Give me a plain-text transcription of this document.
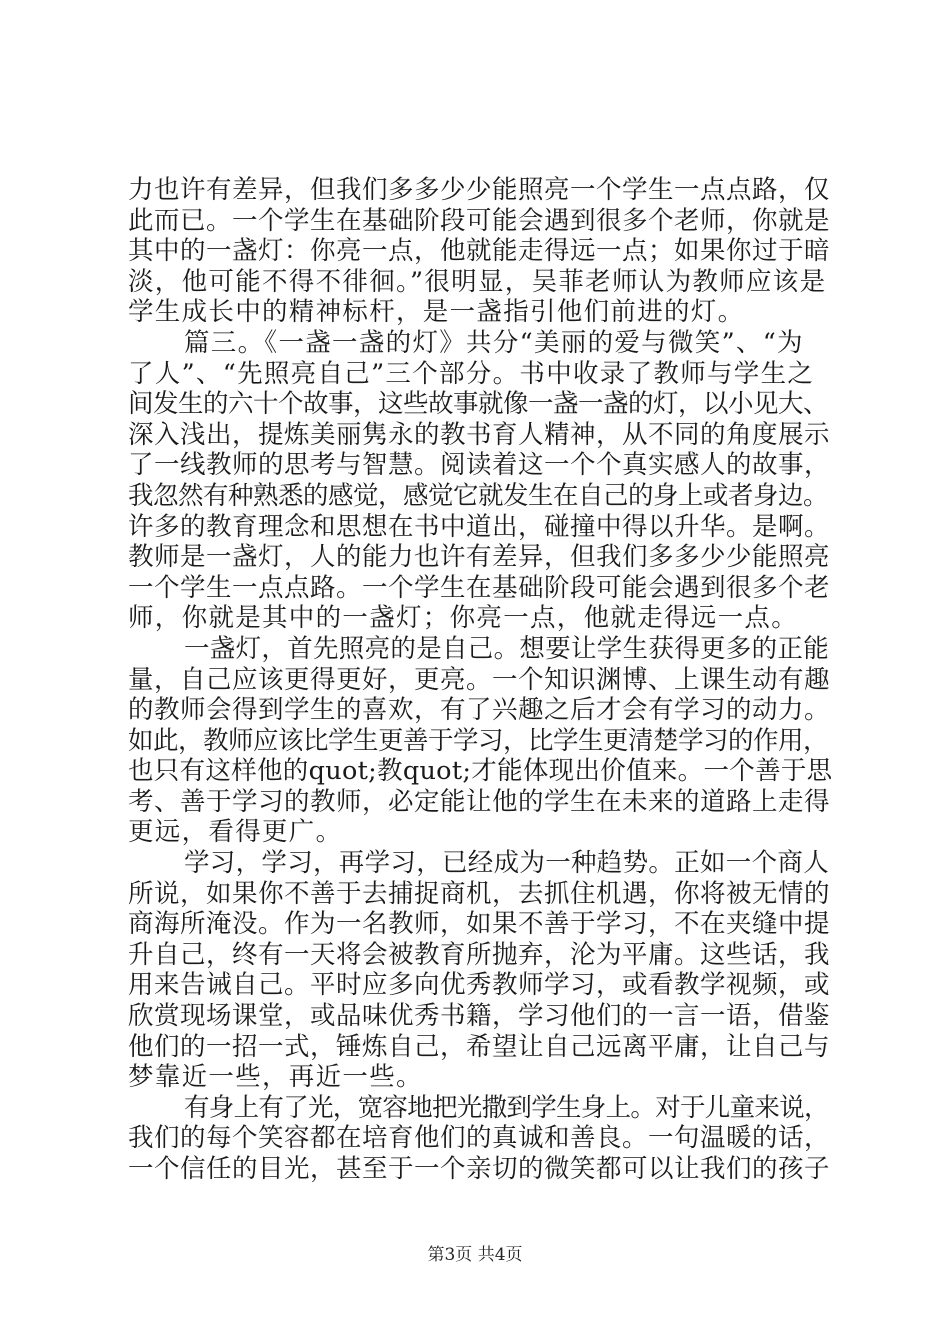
力也许有差异，但我们多多少少能照亮一个学生一点点路，仅
此而已。一个学生在基础阶段可能会遇到很多个老师，你就是
其中的一盏灯：你亮一点，他就能走得远一点；如果你过于暗
淡，他可能不得不徘徊。”很明显，吴菲老师认为教师应该是
学生成长中的精神标杆，是一盏指引他们前进的灯。
篇三。《一盏一盏的灯》共分“美丽的爱与微笑”、“为
了人”、“先照亮自己”三个部分。书中收录了教师与学生之
间发生的六十个故事，这些故事就像一盏一盏的灯，以小见大、
深入浅出，提炼美丽隽永的教书育人精神，从不同的角度展示
了一线教师的思考与智慧。阅读着这一个个真实感人的故事，
我忽然有种熟悉的感觉，感觉它就发生在自己的身上或者身边。
许多的教育理念和思想在书中道出，碰撞中得以升华。是啊。
教师是一盏灯，人的能力也许有差异，但我们多多少少能照亮
一个学生一点点路。一个学生在基础阶段可能会遇到很多个老
师，你就是其中的一盏灯；你亮一点，他就走得远一点。
一盏灯，首先照亮的是自己。想要让学生获得更多的正能
量，自己应该更得更好，更亮。一个知识渊博、上课生动有趣
的教师会得到学生的喜欢，有了兴趣之后才会有学习的动力。
如此，教师应该比学生更善于学习，比学生更清楚学习的作用，
也只有这样他的quot;教quot;才能体现出价值来。一个善于思
考、善于学习的教师，必定能让他的学生在未来的道路上走得
更远，看得更广。
学习，学习，再学习，已经成为一种趋势。正如一个商人
所说，如果你不善于去捕捉商机，去抓住机遇，你将被无情的
商海所淹没。作为一名教师，如果不善于学习，不在夹缝中提
升自己，终有一天将会被教育所抛弃，沦为平庸。这些话，我
用来告诫自己。平时应多向优秀教师学习，或看教学视频，或
欣赏现场课堂，或品味优秀书籍，学习他们的一言一语，借鉴
他们的一招一式，锤炼自己，希望让自己远离平庸，让自己与
梦靠近一些，再近一些。
有身上有了光，宽容地把光撒到学生身上。对于儿童来说，
我们的每个笑容都在培育他们的真诚和善良。一句温暖的话，
一个信任的目光，甚至于一个亲切的微笑都可以让我们的孩子
第3页 共4页
